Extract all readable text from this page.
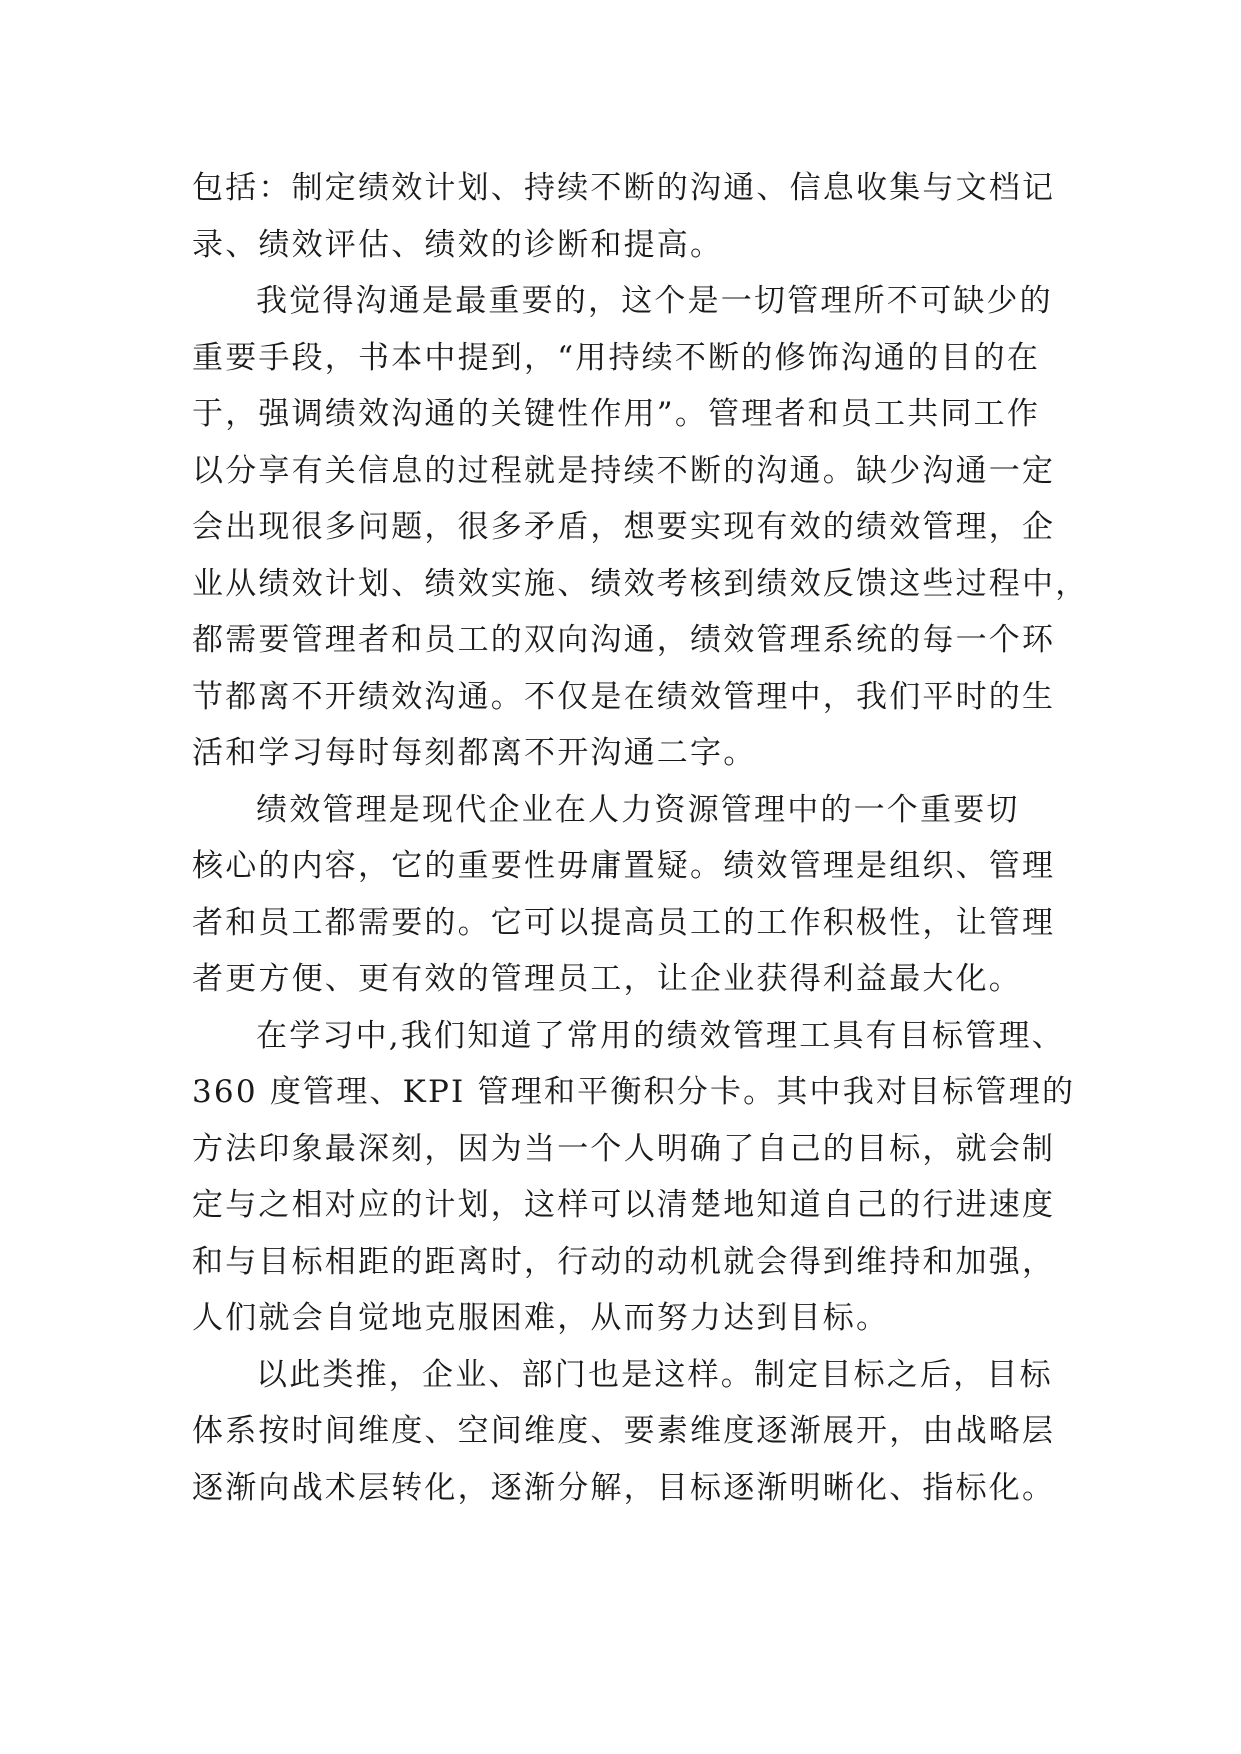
包括：制定绩效计划、持续不断的沟通、信息收集与文档记
录、绩效评估、绩效的诊断和提高。
我觉得沟通是最重要的，这个是一切管理所不可缺少的
重要手段，书本中提到，“用持续不断的修饰沟通的目的在
于，强调绩效沟通的关键性作用”。管理者和员工共同工作
以分享有关信息的过程就是持续不断的沟通。缺少沟通一定
会出现很多问题，很多矛盾，想要实现有效的绩效管理，企
业从绩效计划、绩效实施、绩效考核到绩效反馈这些过程中，
都需要管理者和员工的双向沟通，绩效管理系统的每一个环
节都离不开绩效沟通。不仅是在绩效管理中，我们平时的生
活和学习每时每刻都离不开沟通二字。
绩效管理是现代企业在人力资源管理中的一个重要切
核心的内容，它的重要性毋庸置疑。绩效管理是组织、管理
者和员工都需要的。它可以提高员工的工作积极性，让管理
者更方便、更有效的管理员工，让企业获得利益最大化。
在学习中,我们知道了常用的绩效管理工具有目标管理、
360 度管理、KPI 管理和平衡积分卡。其中我对目标管理的
方法印象最深刻，因为当一个人明确了自己的目标，就会制
定与之相对应的计划，这样可以清楚地知道自己的行进速度
和与目标相距的距离时，行动的动机就会得到维持和加强，
人们就会自觉地克服困难，从而努力达到目标。
以此类推，企业、部门也是这样。制定目标之后，目标
体系按时间维度、空间维度、要素维度逐渐展开，由战略层
逐渐向战术层转化，逐渐分解，目标逐渐明晰化、指标化。
